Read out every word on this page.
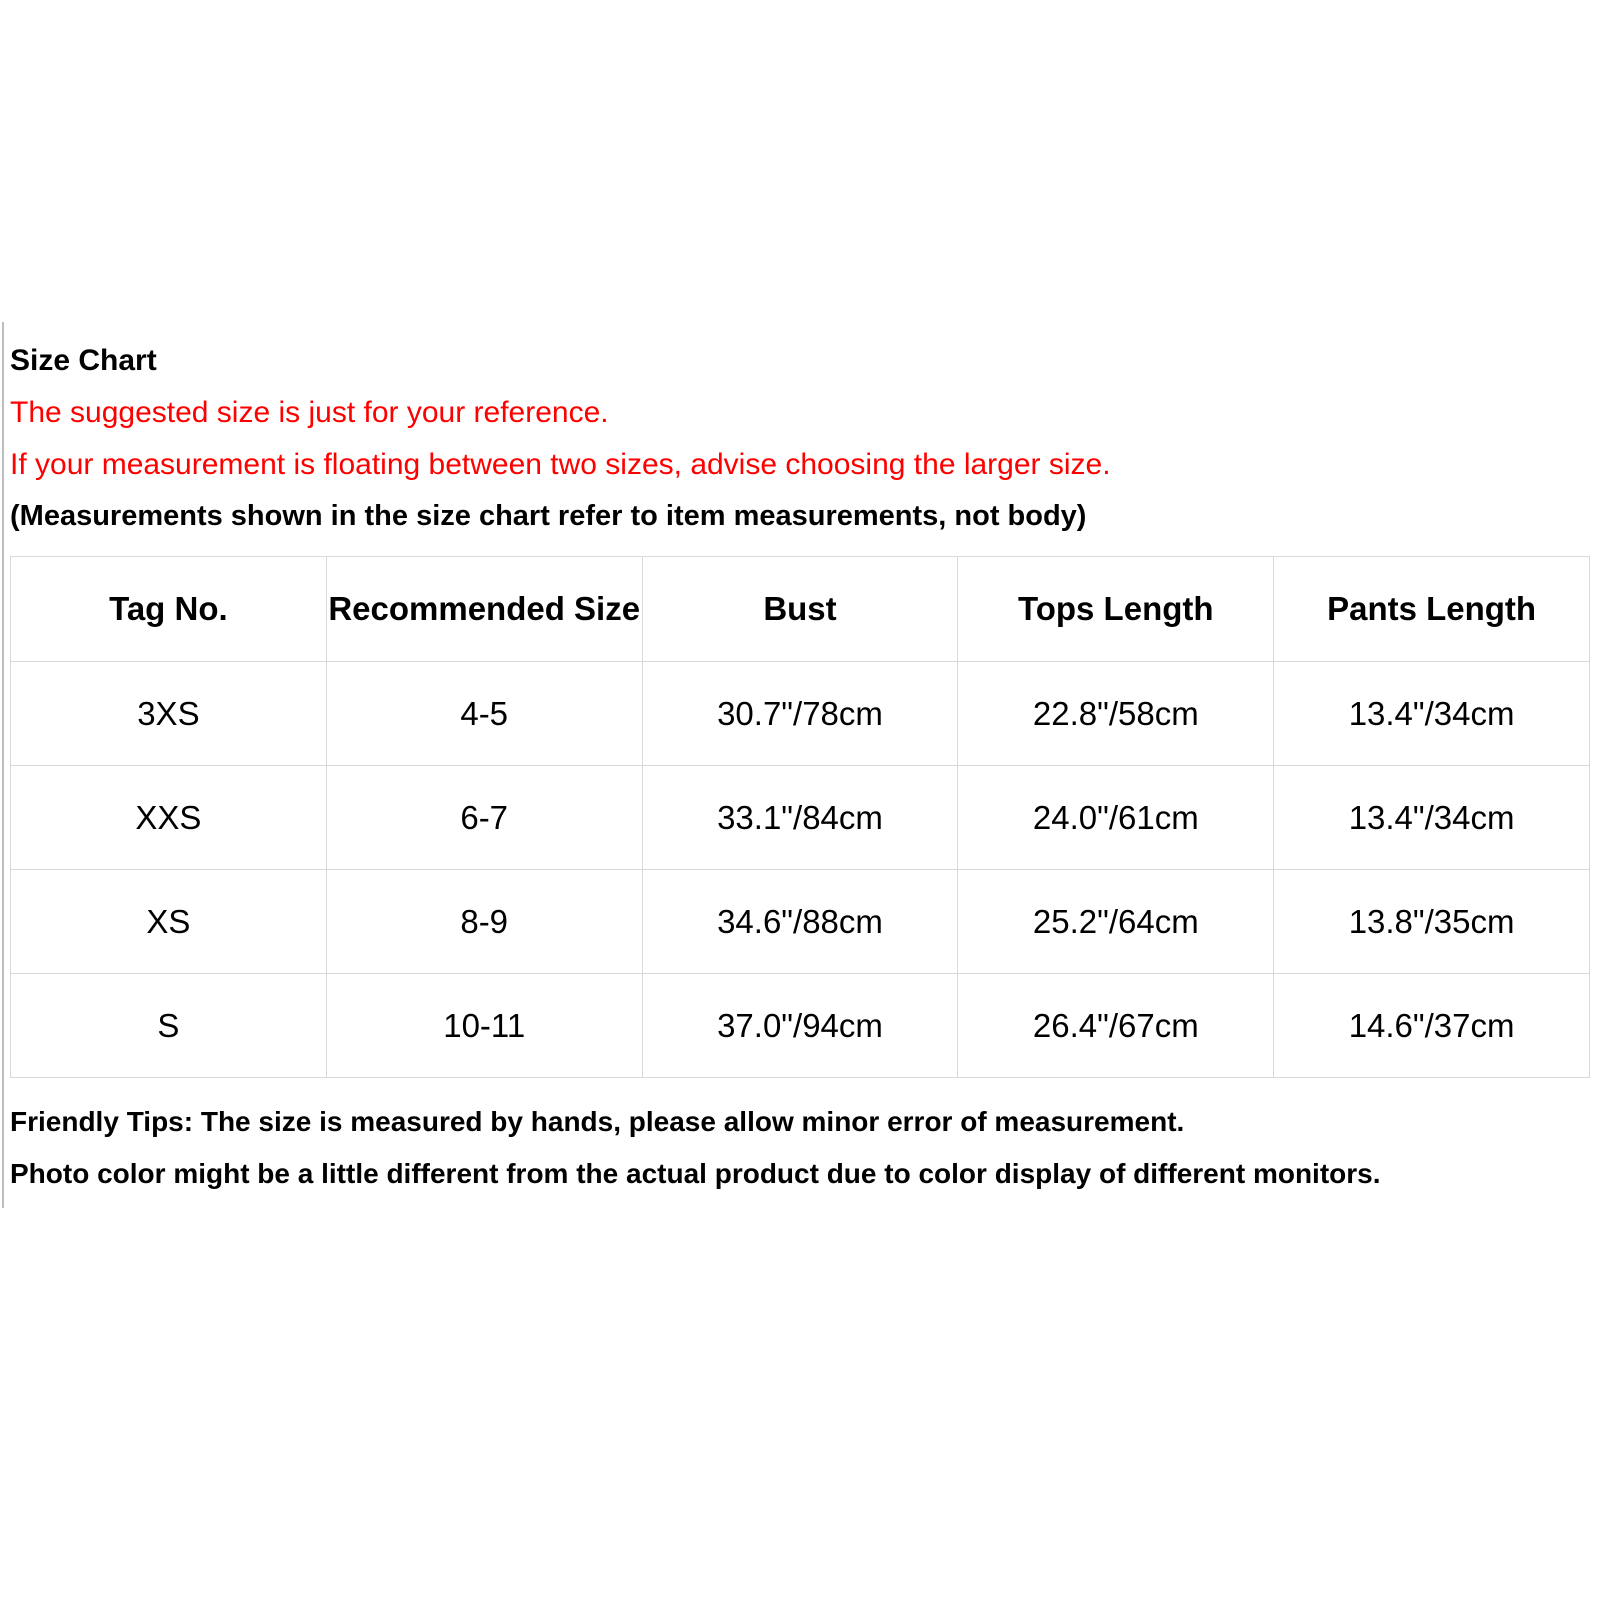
Size Chart
The suggested size is just for your reference.
If your measurement is floating between two sizes, advise choosing the larger size.
(Measurements shown in the size chart refer to item measurements, not body)
Tag No.	Recommended Size	Bust	Tops Length	Pants Length
3XS	4-5	30.7"/78cm	22.8"/58cm	13.4"/34cm
XXS	6-7	33.1"/84cm	24.0"/61cm	13.4"/34cm
XS	8-9	34.6"/88cm	25.2"/64cm	13.8"/35cm
S	10-11	37.0"/94cm	26.4"/67cm	14.6"/37cm
Friendly Tips: The size is measured by hands, please allow minor error of measurement.
Photo color might be a little different from the actual product due to color display of different monitors.
